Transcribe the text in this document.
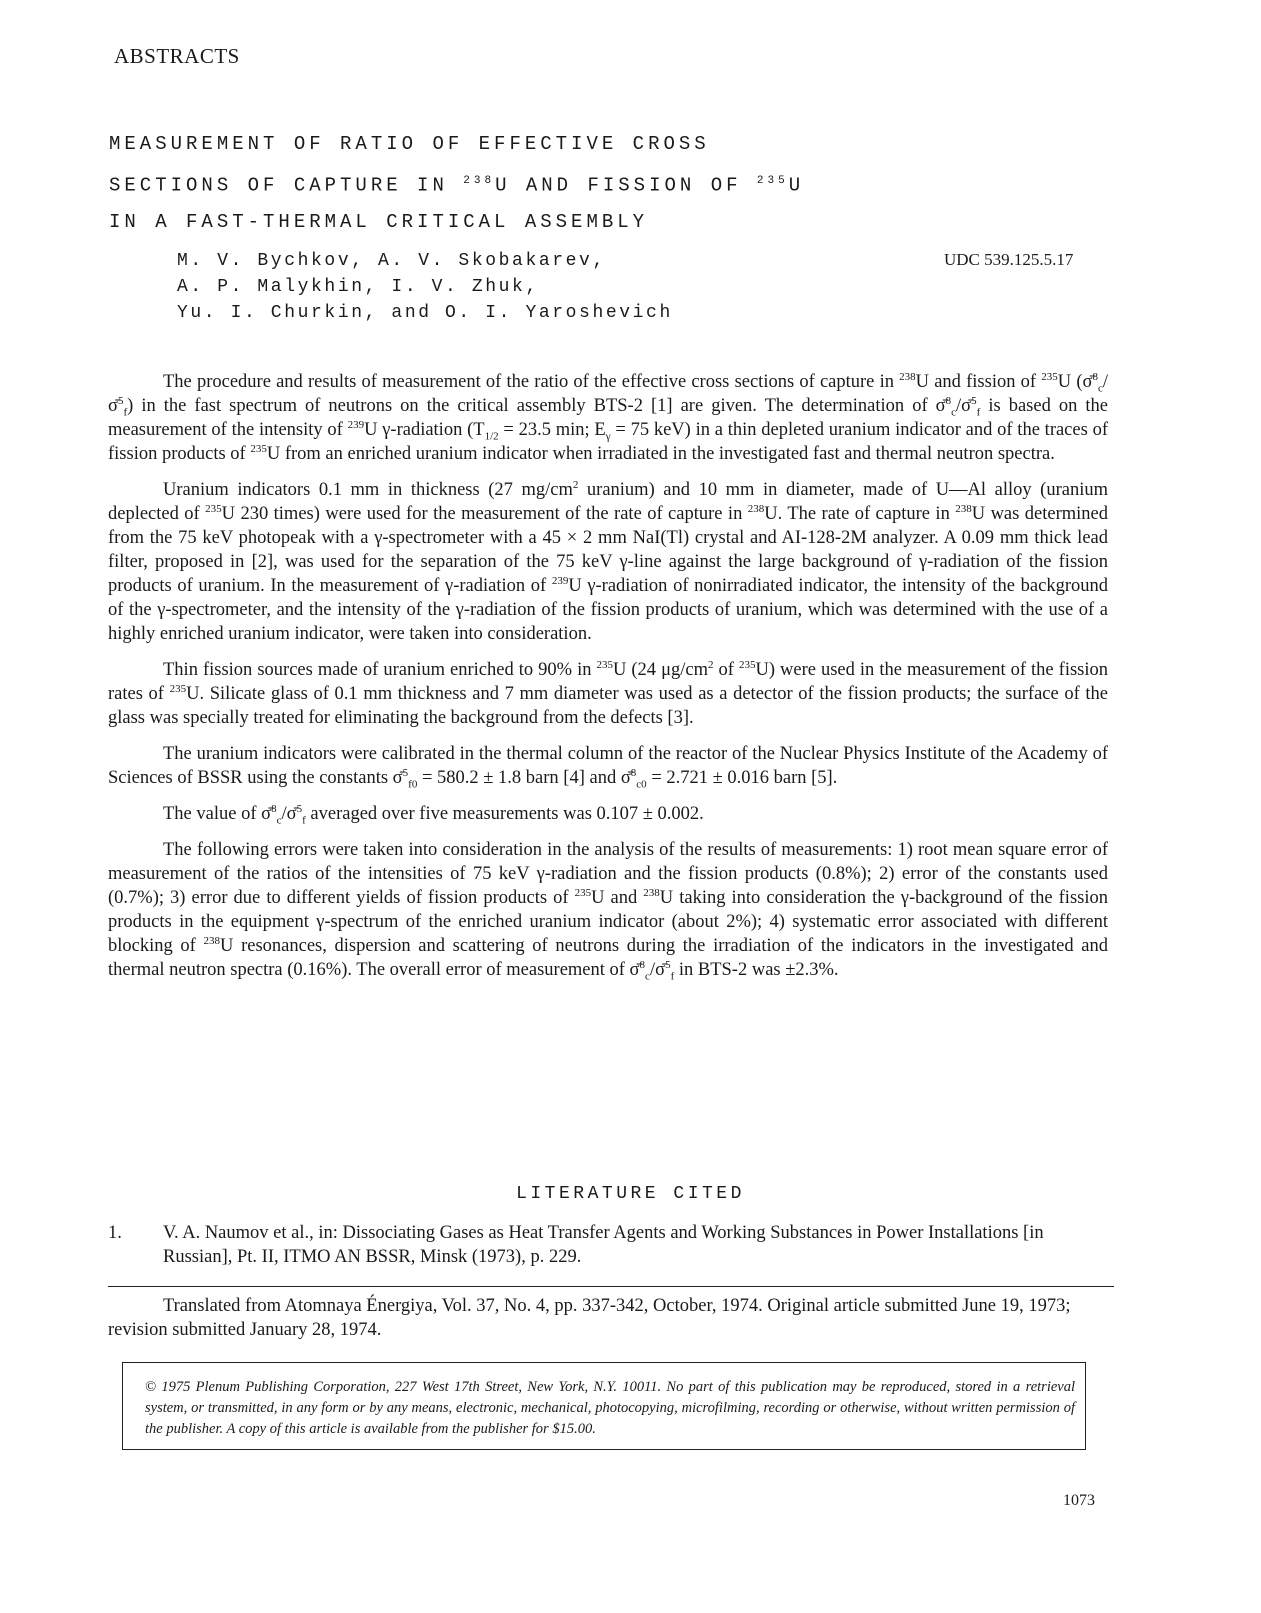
ABSTRACTS
MEASUREMENT OF RATIO OF EFFECTIVE CROSS
SECTIONS OF CAPTURE IN $^{238}$U AND FISSION OF $^{235}$U
IN A FAST-THERMAL CRITICAL ASSEMBLY
M. V. Bychkov, A. V. Skobakarev,
A. P. Malykhin, I. V. Zhuk,
Yu. I. Churkin, and O. I. Yaroshevich
UDC 539.125.5.17

The procedure and results of measurement of the ratio of the effective cross sections of capture in $^{238}$U and fission of $^{235}$U (σ̄$^8_c$/σ̄$^5_f$) in the fast spectrum of neutrons on the critical assembly BTS-2 [1] are given. The determination of σ̄$^8_c$/σ̄$^5_f$ is based on the measurement of the intensity of $^{239}$U γ-radiation ($T_{1/2} = 23.5$ min; $E_\gamma = 75$ keV) in a thin depleted uranium indicator and of the traces of fission products of $^{235}$U from an enriched uranium indicator when irradiated in the investigated fast and thermal neutron spectra.

Uranium indicators 0.1 mm in thickness (27 $mg/cm^2$ uranium) and 10 mm in diameter, made of U—Al alloy (uranium deplected of $^{235}$U 230 times) were used for the measurement of the rate of capture in $^{238}$U. The rate of capture in $^{238}$U was determined from the 75 keV photopeak with a γ-spectrometer with a 45 × 2 mm NaI(Tl) crystal and AI-128-2M analyzer. A 0.09 mm thick lead filter, proposed in [2], was used for the separation of the 75 keV γ-line against the large background of γ-radiation of the fission products of uranium. In the measurement of γ-radiation of $^{239}$U γ-radiation of nonirradiated indicator, the intensity of the background of the γ-spectrometer, and the intensity of the γ-radiation of the fission products of uranium, which was determined with the use of a highly enriched uranium indicator, were taken into consideration.

Thin fission sources made of uranium enriched to 90% in $^{235}$U (24 $\mu g/cm^2$ of $^{235}$U) were used in the measurement of the fission rates of $^{235}$U. Silicate glass of 0.1 mm thickness and 7 mm diameter was used as a detector of the fission products; the surface of the glass was specially treated for eliminating the background from the defects [3].

The uranium indicators were calibrated in the thermal column of the reactor of the Nuclear Physics Institute of the Academy of Sciences of BSSR using the constants σ̄$^5_{f0}$ = 580.2 ± 1.8 barn [4] and σ̄$^8_{c0}$ = 2.721 ± 0.016 barn [5].

The value of σ̄$^8_c$/σ̄$^5_f$ averaged over five measurements was 0.107 ± 0.002.

The following errors were taken into consideration in the analysis of the results of measurements: 1) root mean square error of measurement of the ratios of the intensities of 75 keV γ-radiation and the fission products (0.8%); 2) error of the constants used (0.7%); 3) error due to different yields of fission products of $^{235}$U and $^{238}$U taking into consideration the γ-background of the fission products in the equipment γ-spectrum of the enriched uranium indicator (about 2%); 4) systematic error associated with different blocking of $^{238}$U resonances, dispersion and scattering of neutrons during the irradiation of the indicators in the investigated and thermal neutron spectra (0.16%). The overall error of measurement of σ̄$^8_c$/σ̄$^5_f$ in BTS-2 was ±2.3%.

LITERATURE CITED
1.	V. A. Naumov et al., in: Dissociating Gases as Heat Transfer Agents and Working Substances in Power Installations [in Russian], Pt. II, ITMO AN BSSR, Minsk (1973), p. 229.
Translated from Atomnaya Énergiya, Vol. 37, No. 4, pp. 337-342, October, 1974. Original article submitted June 19, 1973; revision submitted January 28, 1974.
© 1975 Plenum Publishing Corporation, 227 West 17th Street, New York, N.Y. 10011. No part of this publication may be reproduced, stored in a retrieval system, or transmitted, in any form or by any means, electronic, mechanical, photocopying, microfilming, recording or otherwise, without written permission of the publisher. A copy of this article is available from the publisher for $15.00.
1073
